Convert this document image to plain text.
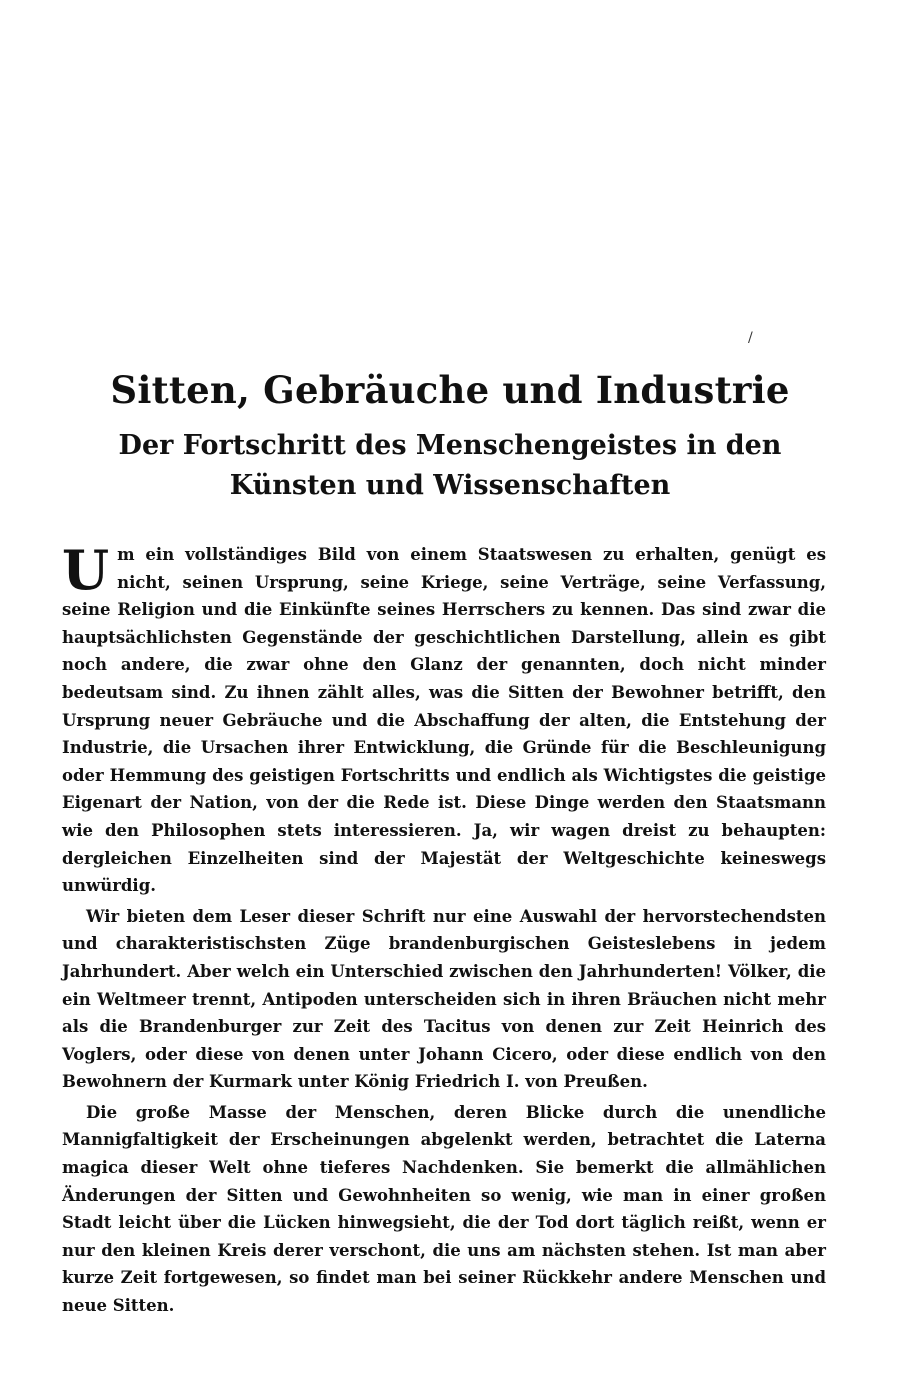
/
Sitten, Gebräuche und Industrie
Der Fortschritt des Menschengeistes in den Künsten und Wissenschaften

Um ein vollständiges Bild von einem Staatswesen zu erhalten, genügt es nicht, seinen Ursprung, seine Kriege, seine Verträge, seine Verfassung, seine Religion und die Einkünfte seines Herrschers zu kennen. Das sind zwar die hauptsächlichsten Gegenstände der geschichtlichen Darstellung, allein es gibt noch andere, die zwar ohne den Glanz der genannten, doch nicht minder bedeutsam sind. Zu ihnen zählt alles, was die Sitten der Bewohner betrifft, den Ursprung neuer Gebräuche und die Abschaffung der alten, die Entstehung der Industrie, die Ursachen ihrer Entwicklung, die Gründe für die Beschleunigung oder Hemmung des geistigen Fortschritts und endlich als Wichtigstes die geistige Eigenart der Nation, von der die Rede ist. Diese Dinge werden den Staatsmann wie den Philosophen stets interessieren. Ja, wir wagen dreist zu behaupten: dergleichen Einzelheiten sind der Majestät der Weltgeschichte keineswegs unwürdig.

Wir bieten dem Leser dieser Schrift nur eine Auswahl der hervorstechendsten und charakteristischsten Züge brandenburgischen Geisteslebens in jedem Jahrhundert. Aber welch ein Unterschied zwischen den Jahrhunderten! Völker, die ein Weltmeer trennt, Antipoden unterscheiden sich in ihren Bräuchen nicht mehr als die Brandenburger zur Zeit des Tacitus von denen zur Zeit Heinrich des Voglers, oder diese von denen unter Johann Cicero, oder diese endlich von den Bewohnern der Kurmark unter König Friedrich I. von Preußen.

Die große Masse der Menschen, deren Blicke durch die unendliche Mannigfaltigkeit der Erscheinungen abgelenkt werden, betrachtet die Laterna magica dieser Welt ohne tieferes Nachdenken. Sie bemerkt die allmählichen Änderungen der Sitten und Gewohnheiten so wenig, wie man in einer großen Stadt leicht über die Lücken hinwegsieht, die der Tod dort täglich reißt, wenn er nur den kleinen Kreis derer verschont, die uns am nächsten stehen. Ist man aber kurze Zeit fortgewesen, so findet man bei seiner Rückkehr andere Menschen und neue Sitten.
